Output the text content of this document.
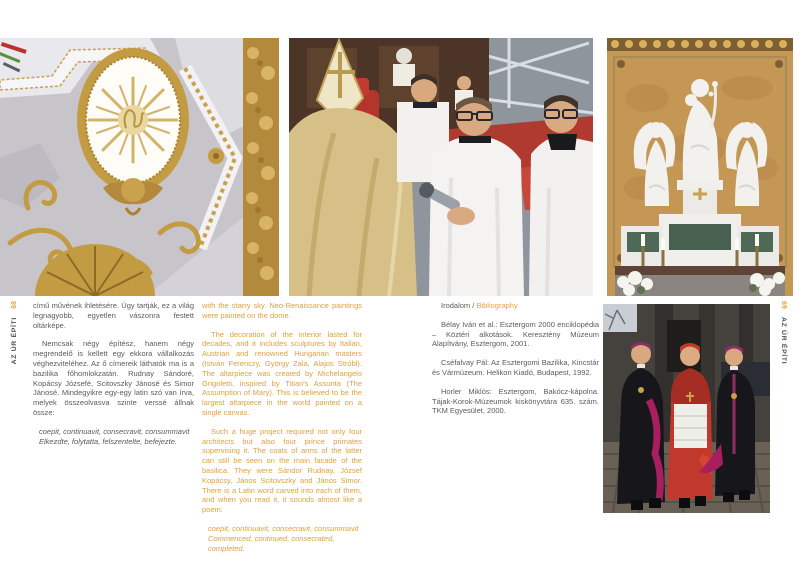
68
AZ ÚR ÉPÍTI
69
AZ ÚR ÉPÍTI

című művének ihletésére. Úgy tartják, ez a világ legnagyobb, egyetlen vászonra festett oltárképe.

Nemcsak négy építész, hanem négy megrendelő is kellett egy ekkora vállalkozás véghezviteléhez. Az ő címereik láthatók ma is a bazilika főhomlokzatán. Rudnay Sándoré, Kopácsy Józsefé, Scitovszky Jánosé és Simor Jánosé. Mindegyikre egy-egy latin szó van írva, melyek összeolvasva szinte verssé állnak össze:

coepit, continuavit, consecravit, consummavit
Elkezdte, folytatta, felszentelte, befejezte.

with the starry sky. Neo-Renaissance paintings were painted on the dome.

The decoration of the interior lasted for decades, and it includes sculptures by Italian, Austrian and renowned Hungarian masters (István Ferenczy, György Zala, Alajos Stróbl). The altarpiece was created by Michelangelo Grigoletti, inspired by Titian's Assunta (The Assumption of Mary). This is believed to be the largest altarpiece in the world painted on a single canvas.

Such a huge project required not only four architects but also four prince primates supervising it. The coats of arms of the latter can still be seen on the main facade of the basilica. They were Sándor Rudnay, József Kopácsy, János Scitovszky and János Simor. There is a Latin word carved into each of them, and when you read it, it sounds almost like a poem:

coepit, continuavit, consecravit, consummavit
Commenced, continued, consecrated, completed.

Irodalom / Bibliography

Bélay Iván et al.: Esztergom 2000 enciklopédia – Köztéri alkotások. Keresztény Múzeum Alapítvány, Esztergom, 2001.

Cséfalvay Pál: Az Esztergomi Bazilika, Kincstár és Vármúzeum. Helikon Kiadó, Budapest, 1992.

Horler Miklós: Esztergom, Bakócz-kápolna. Tájak-Korok-Múzeumok kiskönyvtára 635. szám. TKM Egyesület, 2000.
